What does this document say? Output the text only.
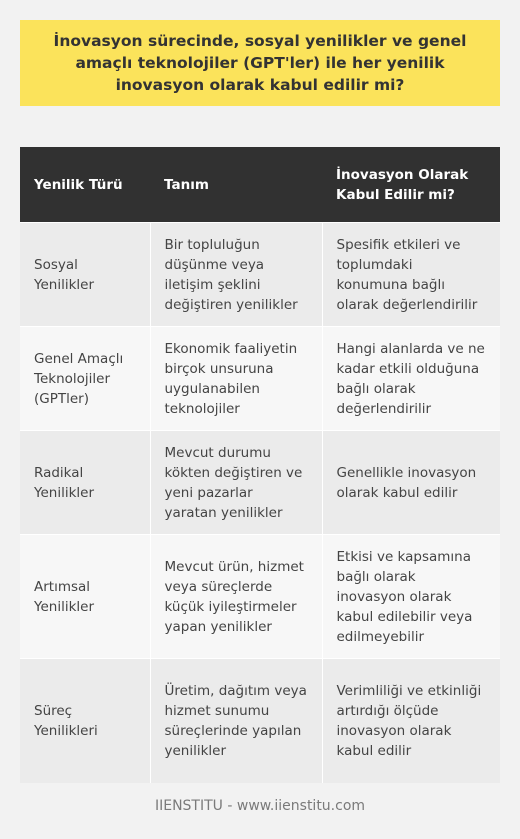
İnovasyon sürecinde, sosyal yenilikler ve genel amaçlı teknolojiler (GPT'ler) ile her yenilik inovasyon olarak kabul edilir mi?
Yenilik Türü	Tanım	İnovasyon Olarak Kabul Edilir mi?
Sosyal Yenilikler	Bir topluluğun düşünme veya iletişim şeklini değiştiren yenilikler	Spesifik etkileri ve toplumdaki konumuna bağlı olarak değerlendirilir
Genel Amaçlı Teknolojiler (GPTler)	Ekonomik faaliyetin birçok unsuruna uygulanabilen teknolojiler	Hangi alanlarda ve ne kadar etkili olduğuna bağlı olarak değerlendirilir
Radikal Yenilikler	Mevcut durumu kökten değiştiren ve yeni pazarlar yaratan yenilikler	Genellikle inovasyon olarak kabul edilir
Artımsal Yenilikler	Mevcut ürün, hizmet veya süreçlerde küçük iyileştirmeler yapan yenilikler	Etkisi ve kapsamına bağlı olarak inovasyon olarak kabul edilebilir veya edilmeyebilir
Süreç Yenilikleri	Üretim, dağıtım veya hizmet sunumu süreçlerinde yapılan yenilikler	Verimliliği ve etkinliği artırdığı ölçüde inovasyon olarak kabul edilir
IIENSTITU - www.iienstitu.com
